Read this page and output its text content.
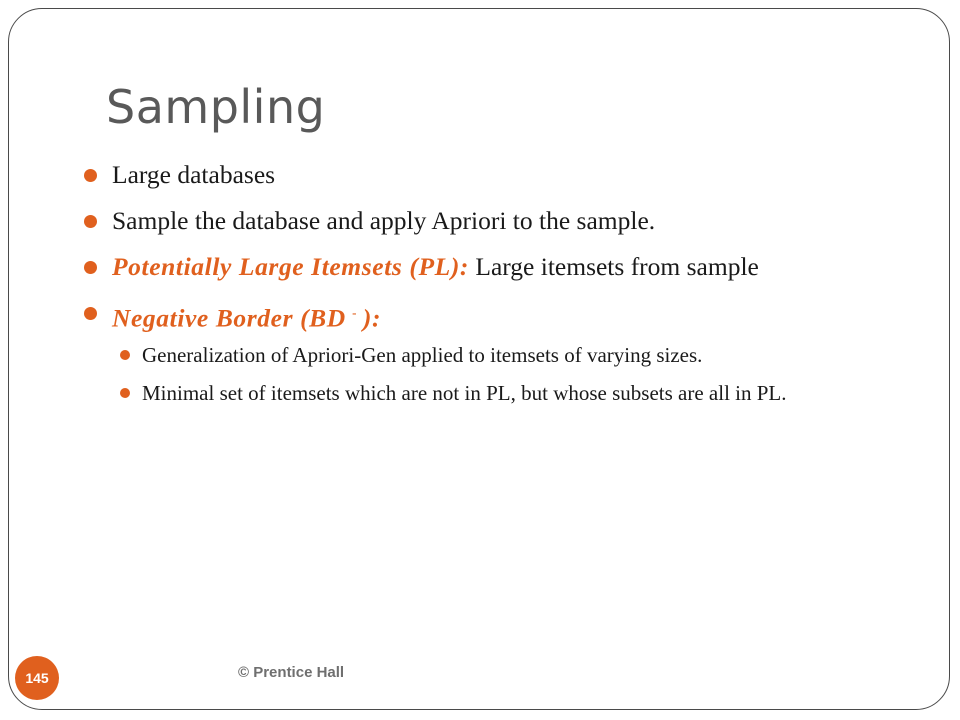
Sampling
Large databases
Sample the database and apply Apriori to the sample.
Potentially Large Itemsets (PL): Large itemsets from sample
Negative Border (BD - ):
Generalization of Apriori-Gen applied to itemsets of varying sizes.
Minimal set of itemsets which are not in PL, but whose subsets are all in PL.
145	© Prentice Hall
